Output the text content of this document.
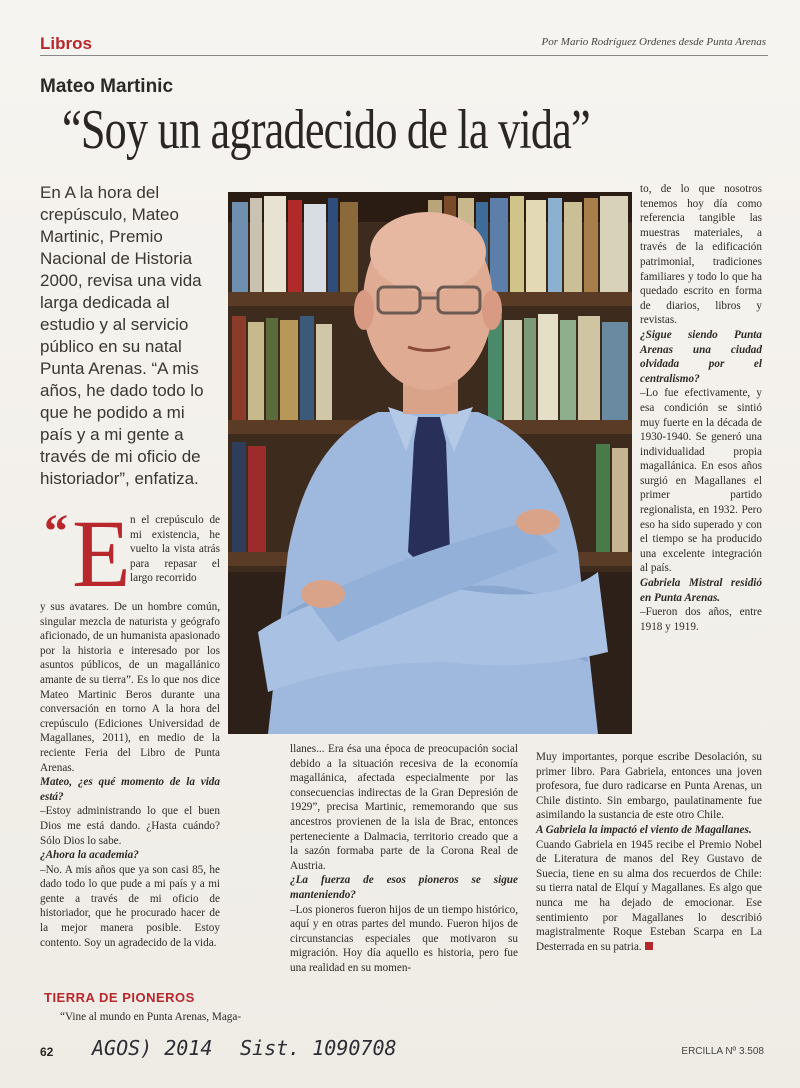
Libros	Por Mario Rodríguez Ordenes desde Punta Arenas
Mateo Martinic
“Soy un agradecido de la vida”
En A la hora del crepúsculo, Mateo Martinic, Premio Nacional de Historia 2000, revisa una vida larga dedicada al estudio y al servicio público en su natal Punta Arenas. “A mis años, he dado todo lo que he podido a mi país y a mi gente a través de mi oficio de historiador”, enfatiza.
“ E n el crepúsculo de mi existencia, he vuelto la vista atrás para repasar el largo recorrido

y sus avatares. De un hombre común, singular mezcla de naturista y geógrafo aficionado, de un humanista apasionado por la historia e interesado por los asuntos públicos, de un magallánico amante de su tierra”. Es lo que nos dice Mateo Martinic Beros durante una conversación en torno A la hora del crepúsculo (Ediciones Universidad de Magallanes, 2011), en medio de la reciente Feria del Libro de Punta Arenas.

Mateo, ¿es qué momento de la vida está?

–Estoy administrando lo que el buen Dios me está dando. ¿Hasta cuándo? Sólo Dios lo sabe.

¿Ahora la academia?

–No. A mis años que ya son casi 85, he dado todo lo que pude a mi país y a mi gente a través de mi oficio de historiador, que he procurado hacer de la mejor manera posible. Estoy contento. Soy un agradecido de la vida.

TIERRA DE PIONEROS

“Vine al mundo en Punta Arenas, Maga-

llanes... Era ésa una época de preocupación social debido a la situación recesiva de la economía magallánica, afectada especialmente por las consecuencias indirectas de la Gran Depresión de 1929”, precisa Martinic, rememorando que sus ancestros provienen de la isla de Brac, entonces perteneciente a Dalmacia, territorio creado que a la sazón formaba parte de la Corona Real de Austria.

¿La fuerza de esos pioneros se sigue manteniendo?

–Los pioneros fueron hijos de un tiempo histórico, aquí y en otras partes del mundo. Fueron hijos de circunstancias especiales que motivaron su migración. Hoy día aquello es historia, pero fue una realidad en su momen-

to, de lo que nosotros tenemos hoy día como referencia tangible las muestras materiales, a través de la edificación patrimonial, tradiciones familiares y todo lo que ha quedado escrito en forma de diarios, libros y revistas.

¿Sigue siendo Punta Arenas una ciudad olvidada por el centralismo?

–Lo fue efectivamente, y esa condición se sintió muy fuerte en la década de 1930-1940. Se generó una individualidad propia magallánica. En esos años surgió en Magallanes el primer partido regionalista, en 1932. Pero eso ha sido superado y con el tiempo se ha producido una excelente integración al país.

Gabriela Mistral residió en Punta Arenas.

–Fueron dos años, entre 1918 y 1919.

Muy importantes, porque escribe Desolación, su primer libro. Para Gabriela, entonces una joven profesora, fue duro radicarse en Punta Arenas, un Chile distinto. Sin embargo, paulatinamente fue asimilando la sustancia de este otro Chile.

A Gabriela la impactó el viento de Magallanes.

Cuando Gabriela en 1945 recibe el Premio Nobel de Literatura de manos del Rey Gustavo de Suecia, tiene en su alma dos recuerdos de Chile: su tierra natal de Elquí y Magallanes. Es algo que nunca me ha dejado de emocionar. Ese sentimiento por Magallanes lo describió magistralmente Roque Esteban Scarpa en La Desterrada en su patria.

62 AGOS) 2014 Sist. 1090708	ERCILLA Nº 3.508
